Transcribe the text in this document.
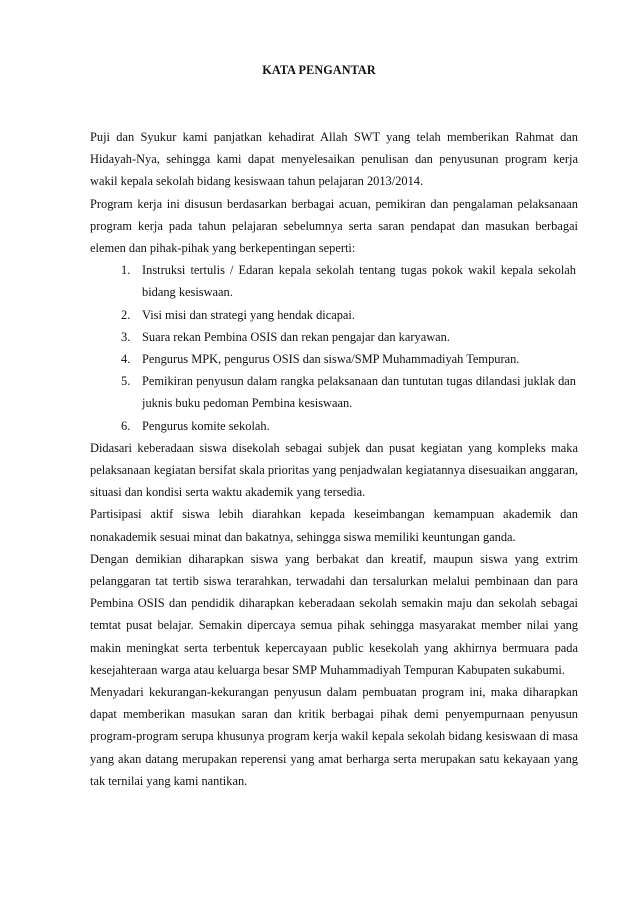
KATA PENGANTAR

Puji dan Syukur kami panjatkan kehadirat Allah SWT yang telah memberikan Rahmat dan Hidayah-Nya, sehingga kami dapat menyelesaikan penulisan dan penyusunan program kerja wakil kepala sekolah bidang kesiswaan tahun pelajaran 2013/2014.

Program kerja ini disusun berdasarkan berbagai acuan, pemikiran dan pengalaman pelaksanaan program kerja pada tahun pelajaran sebelumnya serta saran pendapat dan masukan berbagai elemen dan pihak-pihak yang berkepentingan seperti:

1. Instruksi tertulis / Edaran kepala sekolah tentang tugas pokok wakil kepala sekolah bidang kesiswaan.
2. Visi misi dan strategi yang hendak dicapai.
3. Suara rekan Pembina OSIS dan rekan pengajar dan karyawan.
4. Pengurus MPK, pengurus OSIS dan siswa/SMP Muhammadiyah Tempuran.
5. Pemikiran penyusun dalam rangka pelaksanaan dan tuntutan tugas dilandasi juklak dan juknis buku pedoman Pembina kesiswaan.
6. Pengurus komite sekolah.

Didasari keberadaan siswa disekolah sebagai subjek dan pusat kegiatan yang kompleks maka pelaksanaan kegiatan bersifat skala prioritas yang penjadwalan kegiatannya disesuaikan anggaran, situasi dan kondisi serta waktu akademik yang tersedia.

Partisipasi aktif siswa lebih diarahkan kepada keseimbangan kemampuan akademik dan nonakademik sesuai minat dan bakatnya, sehingga siswa memiliki keuntungan ganda.

Dengan demikian diharapkan siswa yang berbakat dan kreatif, maupun siswa yang extrim pelanggaran tat tertib siswa terarahkan, terwadahi dan tersalurkan melalui pembinaan dan para Pembina OSIS dan pendidik diharapkan keberadaan sekolah semakin maju dan sekolah sebagai temtat pusat belajar. Semakin dipercaya semua pihak sehingga masyarakat member nilai yang makin meningkat serta terbentuk kepercayaan public kesekolah yang akhirnya bermuara pada kesejahteraan warga atau keluarga besar SMP Muhammadiyah Tempuran Kabupaten sukabumi.

Menyadari kekurangan-kekurangan penyusun dalam pembuatan program ini, maka diharapkan dapat memberikan masukan saran dan kritik berbagai pihak demi penyempurnaan penyusun program-program serupa khusunya program kerja wakil kepala sekolah bidang kesiswaan di masa yang akan datang merupakan reperensi yang amat berharga serta merupakan satu kekayaan yang tak ternilai yang kami nantikan.
